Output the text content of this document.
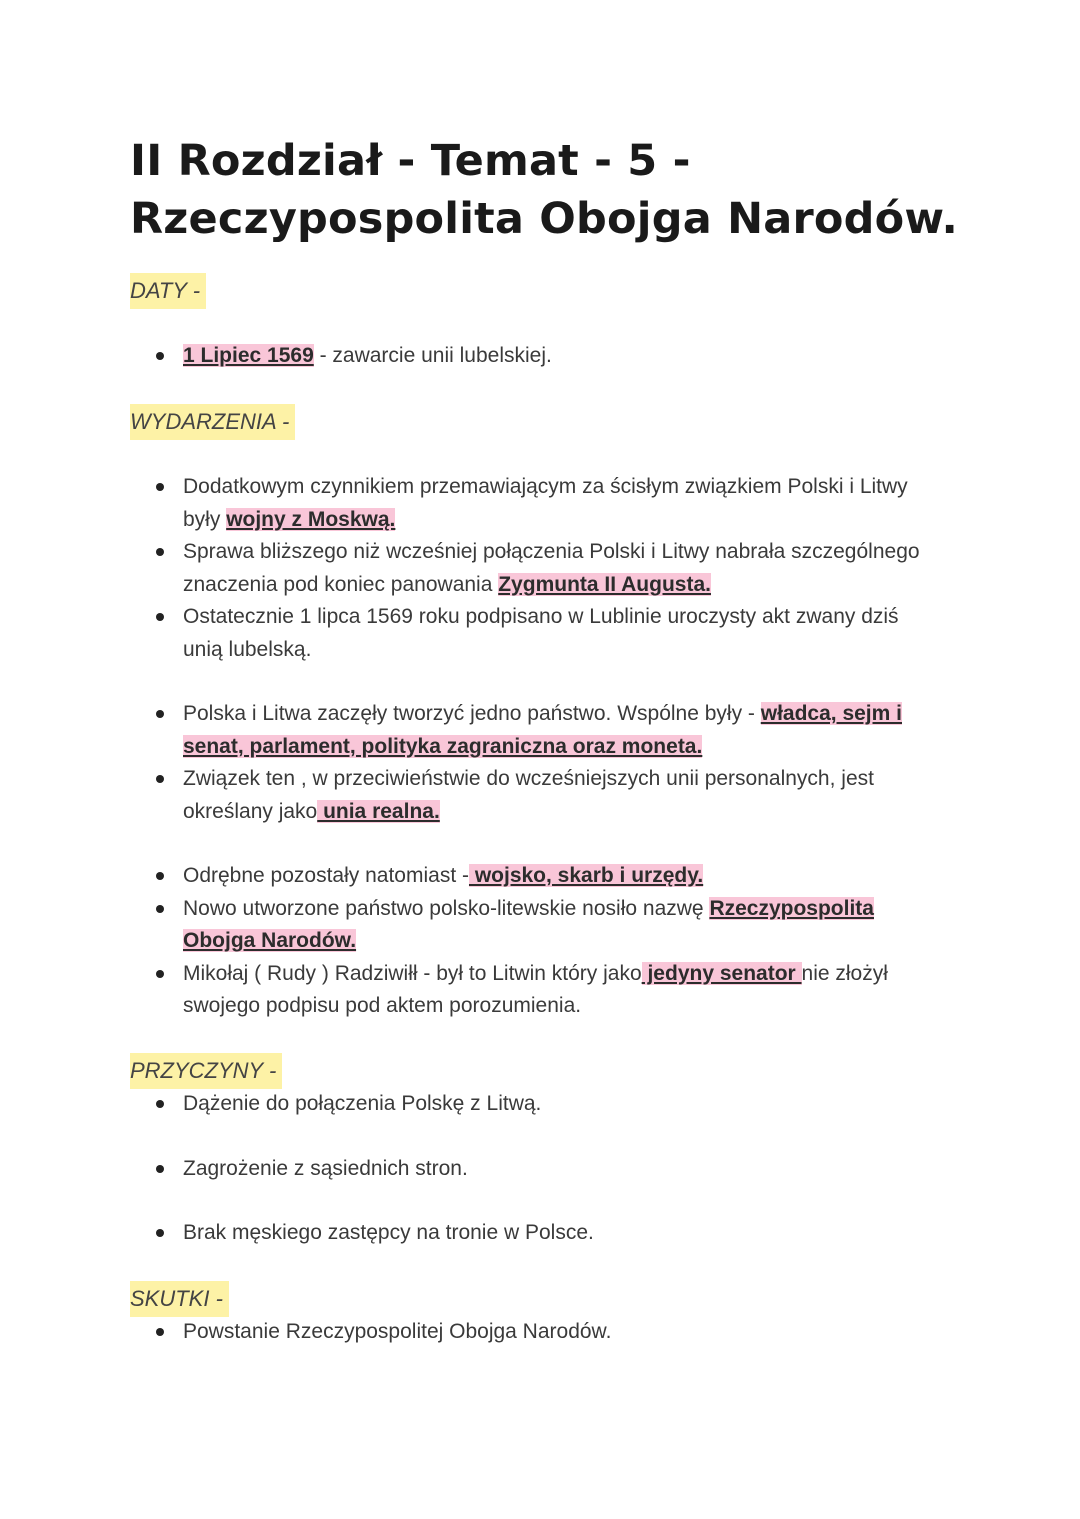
II Rozdział - Temat - 5 - Rzeczypospolita Obojga Narodów.
DATY -
1 Lipiec 1569 - zawarcie unii lubelskiej.
WYDARZENIA -
Dodatkowym czynnikiem przemawiającym za ścisłym związkiem Polski i Litwy były wojny z Moskwą.
Sprawa bliższego niż wcześniej połączenia Polski i Litwy nabrała szczególnego znaczenia pod koniec panowania Zygmunta II Augusta.
Ostatecznie 1 lipca 1569 roku podpisano w Lublinie uroczysty akt zwany dziś unią lubelską.
Polska i Litwa zaczęły tworzyć jedno państwo. Wspólne były - władca, sejm i senat, parlament, polityka zagraniczna oraz moneta.
Związek ten , w przeciwieństwie do wcześniejszych unii personalnych, jest określany jako unia realna.
Odrębne pozostały natomiast - wojsko, skarb i urzędy.
Nowo utworzone państwo polsko-litewskie nosiło nazwę Rzeczypospolita Obojga Narodów.
Mikołaj ( Rudy ) Radziwiłł - był to Litwin który jako jedyny senator nie złożył swojego podpisu pod aktem porozumienia.
PRZYCZYNY -
Dążenie do połączenia Polskę z Litwą.
Zagrożenie z sąsiednich stron.
Brak męskiego zastępcy na tronie w Polsce.
SKUTKI -
Powstanie Rzeczypospolitej Obojga Narodów.
